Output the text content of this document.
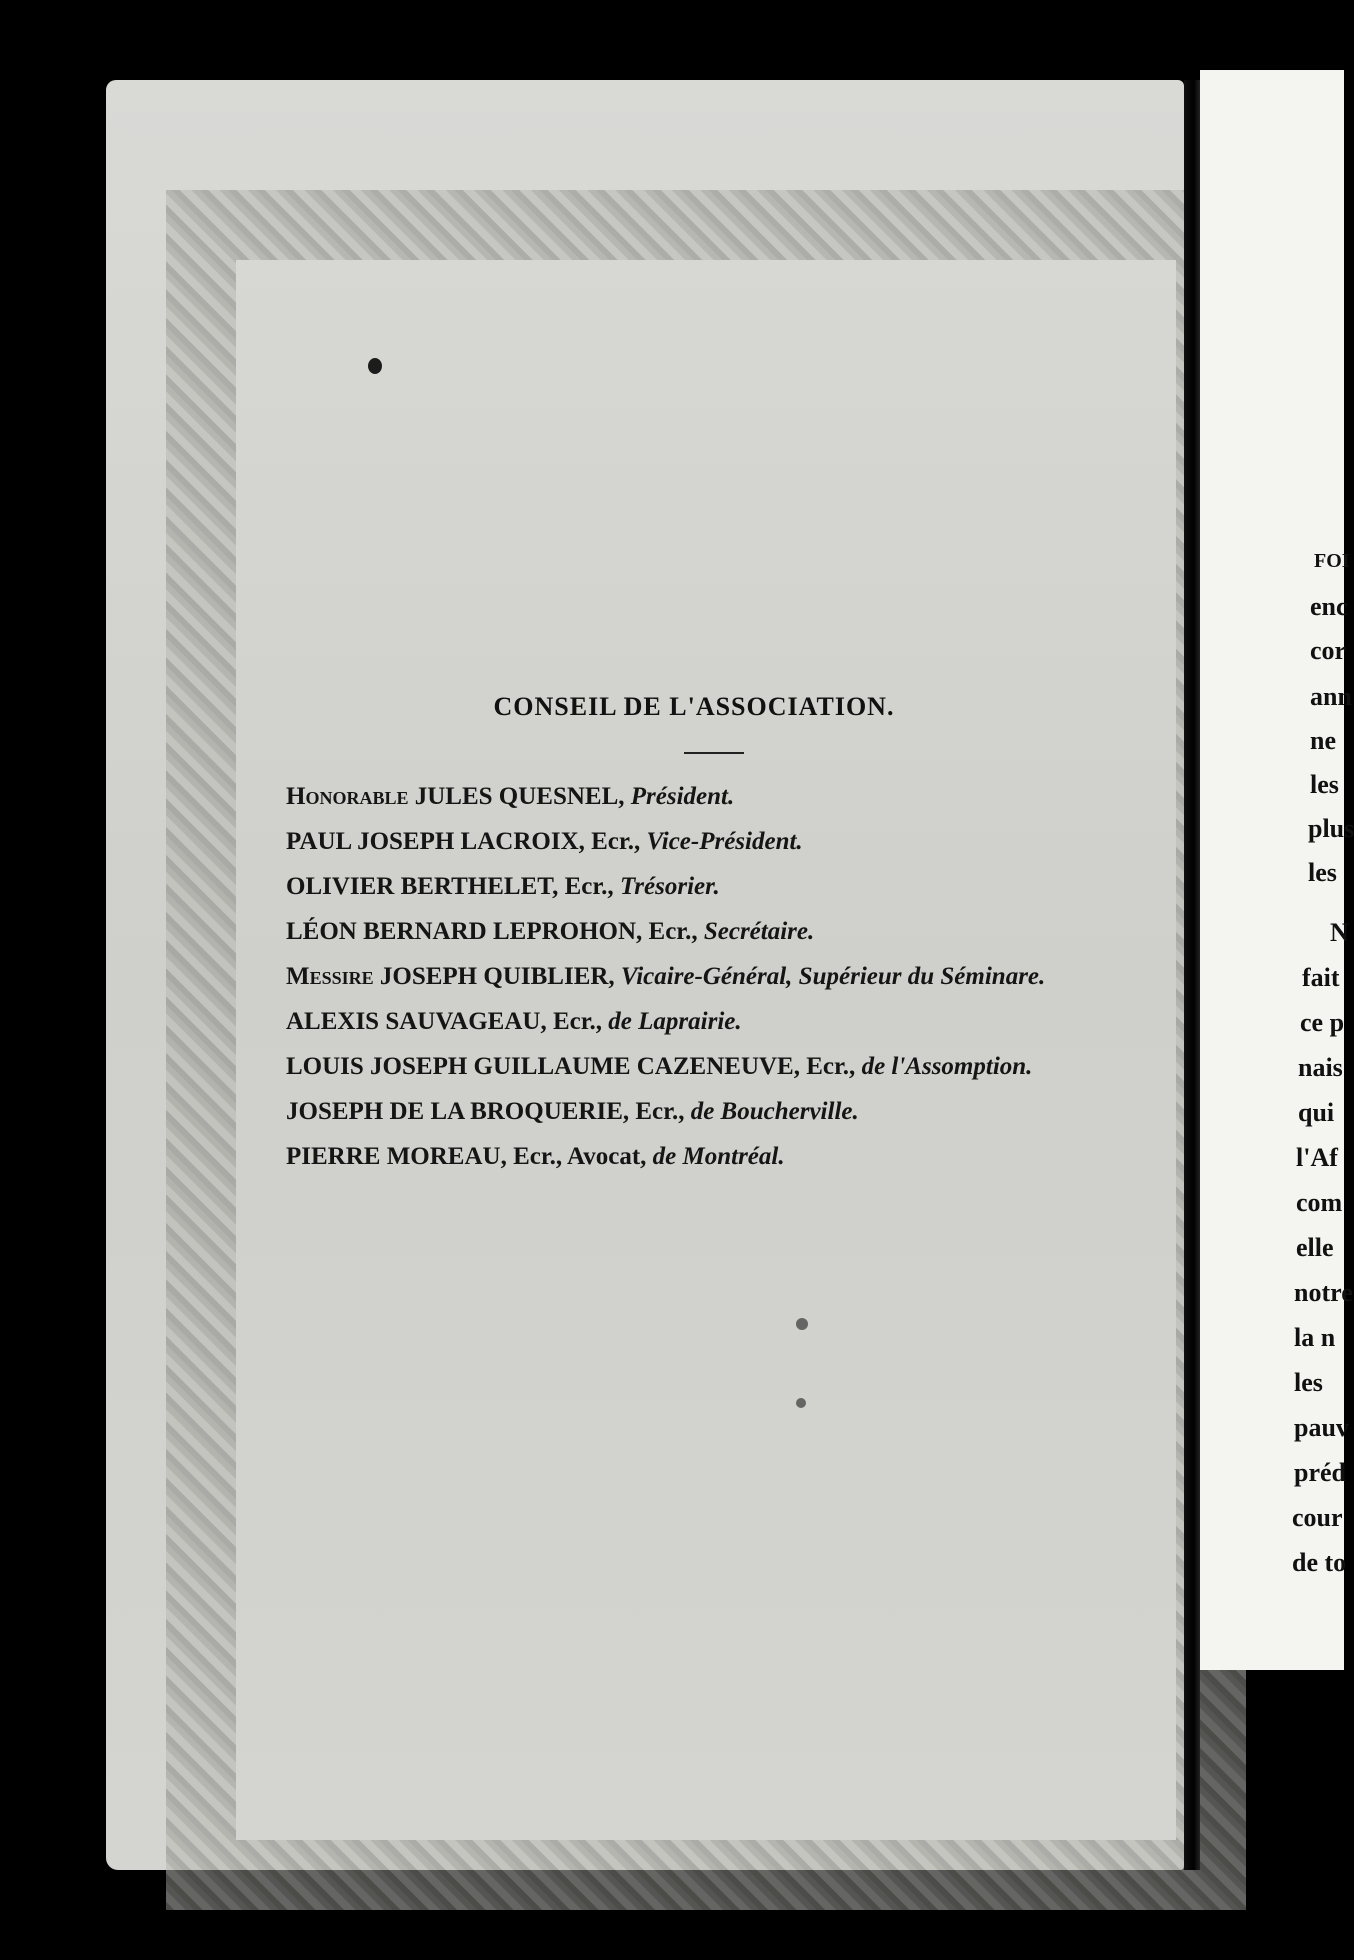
CONSEIL DE L'ASSOCIATION.
Honorable JULES QUESNEL, Président.
PAUL JOSEPH LACROIX, Ecr., Vice-Président.
OLIVIER BERTHELET, Ecr., Trésorier.
LÉON BERNARD LEPROHON, Ecr., Secrétaire.
Messire JOSEPH QUIBLIER, Vicaire-Général, Supérieur du Séminare.
ALEXIS SAUVAGEAU, Ecr., de Laprairie.
LOUIS JOSEPH GUILLAUME CAZENEUVE, Ecr., de l'Assomption.
JOSEPH DE LA BROQUERIE, Ecr., de Boucherville.
PIERRE MOREAU, Ecr., Avocat, de Montréal.
FOI
enc
cor
ann
ne
les
plus
les
N
fait
ce p
nais
qui
l'Af
com
elle
notre
la n
les
pauv
préd
cour
de to
